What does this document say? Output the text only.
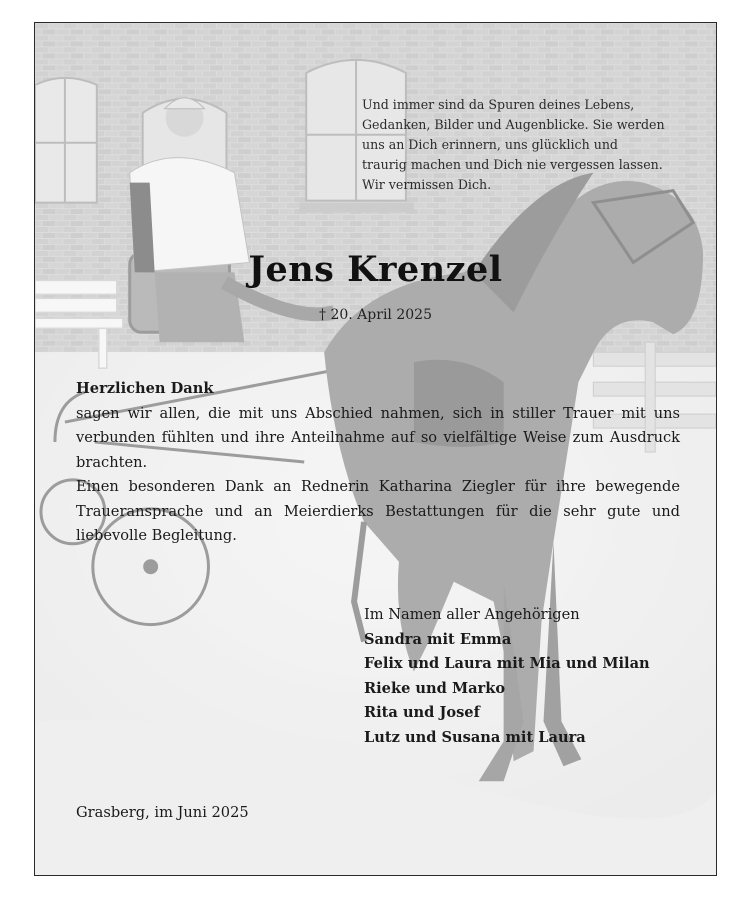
Und immer sind da Spuren deines Lebens,
Gedanken, Bilder und Augenblicke. Sie werden
uns an Dich erinnern, uns glücklich und
traurig machen und Dich nie vergessen lassen.
Wir vermissen Dich.
Jens Krenzel
† 20. April 2025
Herzlichen Dank
sagen wir allen, die mit uns Abschied nahmen, sich in stiller Trauer mit uns verbunden fühlten und ihre Anteilnahme auf so vielfältige Weise zum Ausdruck brachten.
Einen besonderen Dank an Rednerin Katharina Ziegler für ihre bewegende Traueransprache und an Meierdierks Bestattungen für die sehr gute und liebevolle Begleitung.
Im Namen aller Angehörigen
Sandra mit Emma
Felix und Laura mit Mia und Milan
Rieke und Marko
Rita und Josef
Lutz und Susana mit Laura
Grasberg, im Juni 2025
